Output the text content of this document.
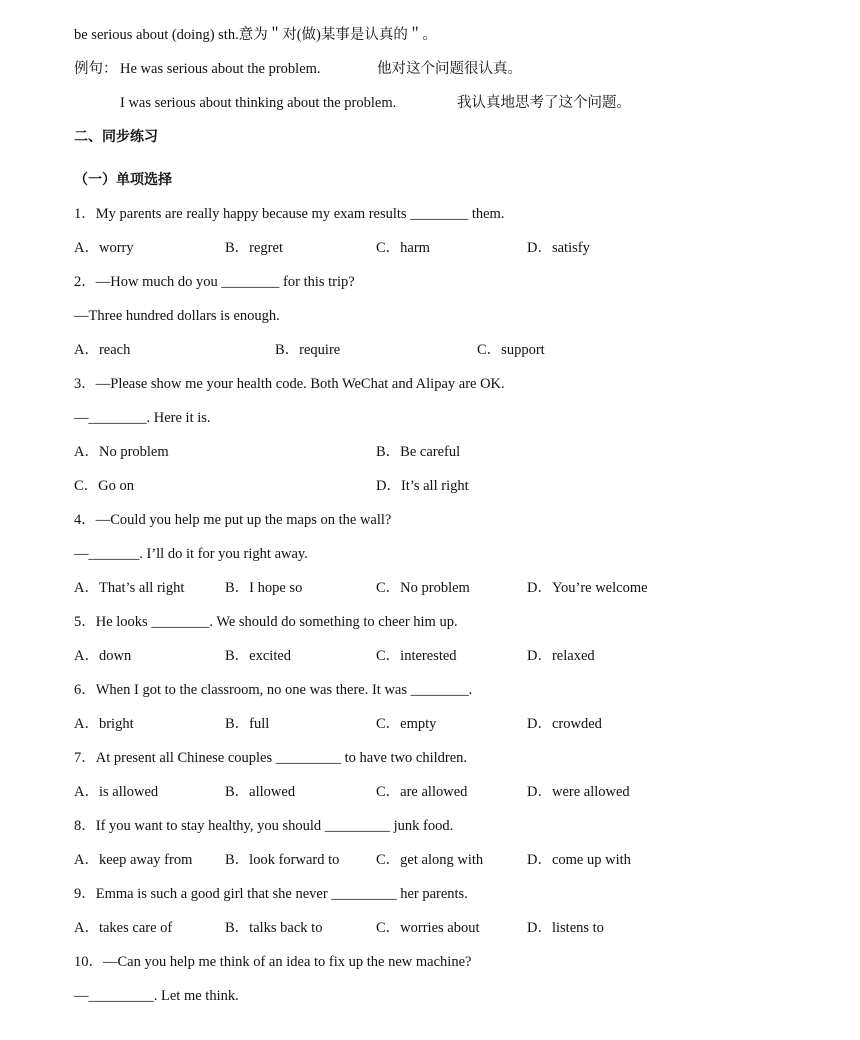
be serious about (doing) sth.意为＂对(做)某事是认真的＂。
例句： He was serious about the problem.	他对这个问题很认真。
I was serious about thinking about the problem.	我认真地思考了这个问题。
二、同步练习
（一）单项选择
1．My parents are really happy because my exam results ________ them.
A．worry	B．regret	C．harm	D．satisfy
2．—How much do you ________ for this trip?
—Three hundred dollars is enough.
A．reach	B．require	C．support
3．—Please show me your health code. Both WeChat and Alipay are OK.
—________. Here it is.
A．No problem	B．Be careful
C．Go on	D．It’s all right
4．—Could you help me put up the maps on the wall?
—_______. I’ll do it for you right away.
A．That’s all right	B．I hope so	C．No problem	D．You’re welcome
5．He looks ________. We should do something to cheer him up.
A．down	B．excited	C．interested	D．relaxed
6．When I got to the classroom, no one was there. It was ________.
A．bright	B．full	C．empty	D．crowded
7．At present all Chinese couples _________ to have two children.
A．is allowed	B．allowed	C．are allowed	D．were allowed
8．If you want to stay healthy, you should _________ junk food.
A．keep away from B．look forward to	C．get along with	D．come up with
9．Emma is such a good girl that she never _________ her parents.
A．takes care of	B．talks back to	C．worries about	D．listens to
10．—Can you help me think of an idea to fix up the new machine?
—_________. Let me think.
